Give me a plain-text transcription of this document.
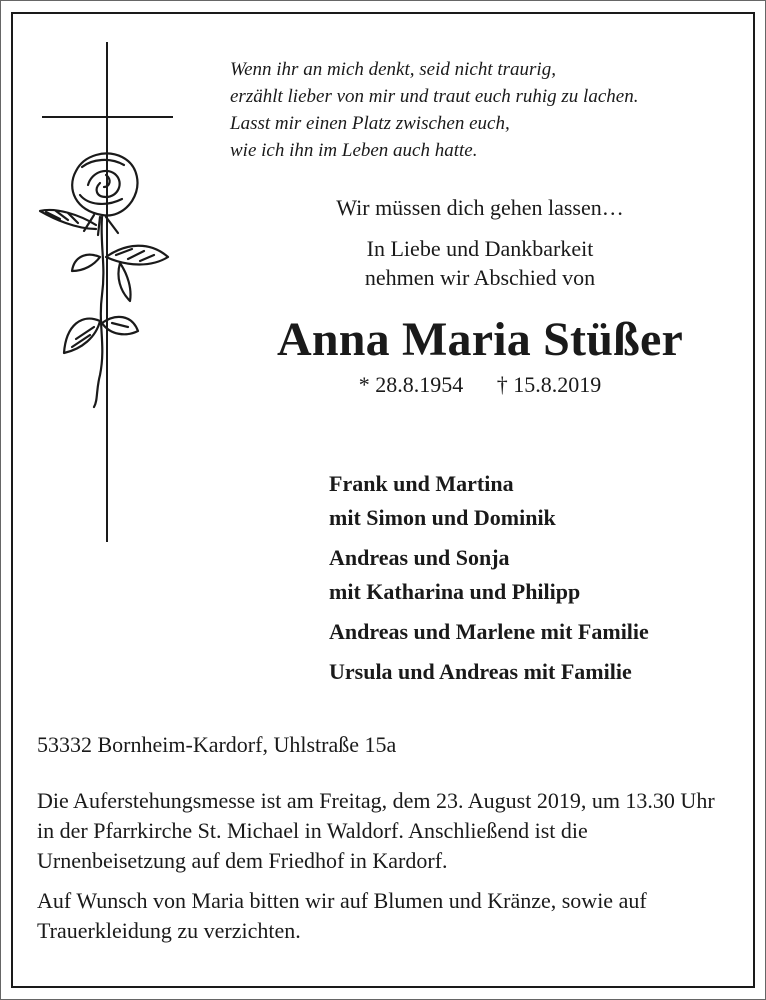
Wenn ihr an mich denkt, seid nicht traurig,
erzählt lieber von mir und traut euch ruhig zu lachen.
Lasst mir einen Platz zwischen euch,
wie ich ihn im Leben auch hatte.
Wir müssen dich gehen lassen…
In Liebe und Dankbarkeit
nehmen wir Abschied von
Anna Maria Stüßer
* 28.8.1954 † 15.8.2019
Frank und Martina
mit Simon und Dominik
Andreas und Sonja
mit Katharina und Philipp
Andreas und Marlene mit Familie
Ursula und Andreas mit Familie
53332 Bornheim-Kardorf, Uhlstraße 15a
Die Auferstehungsmesse ist am Freitag, dem 23. August 2019, um 13.30 Uhr in der Pfarrkirche St. Michael in Waldorf. Anschließend ist die Urnenbeisetzung auf dem Friedhof in Kardorf.
Auf Wunsch von Maria bitten wir auf Blumen und Kränze, sowie auf Trauerkleidung zu verzichten.
